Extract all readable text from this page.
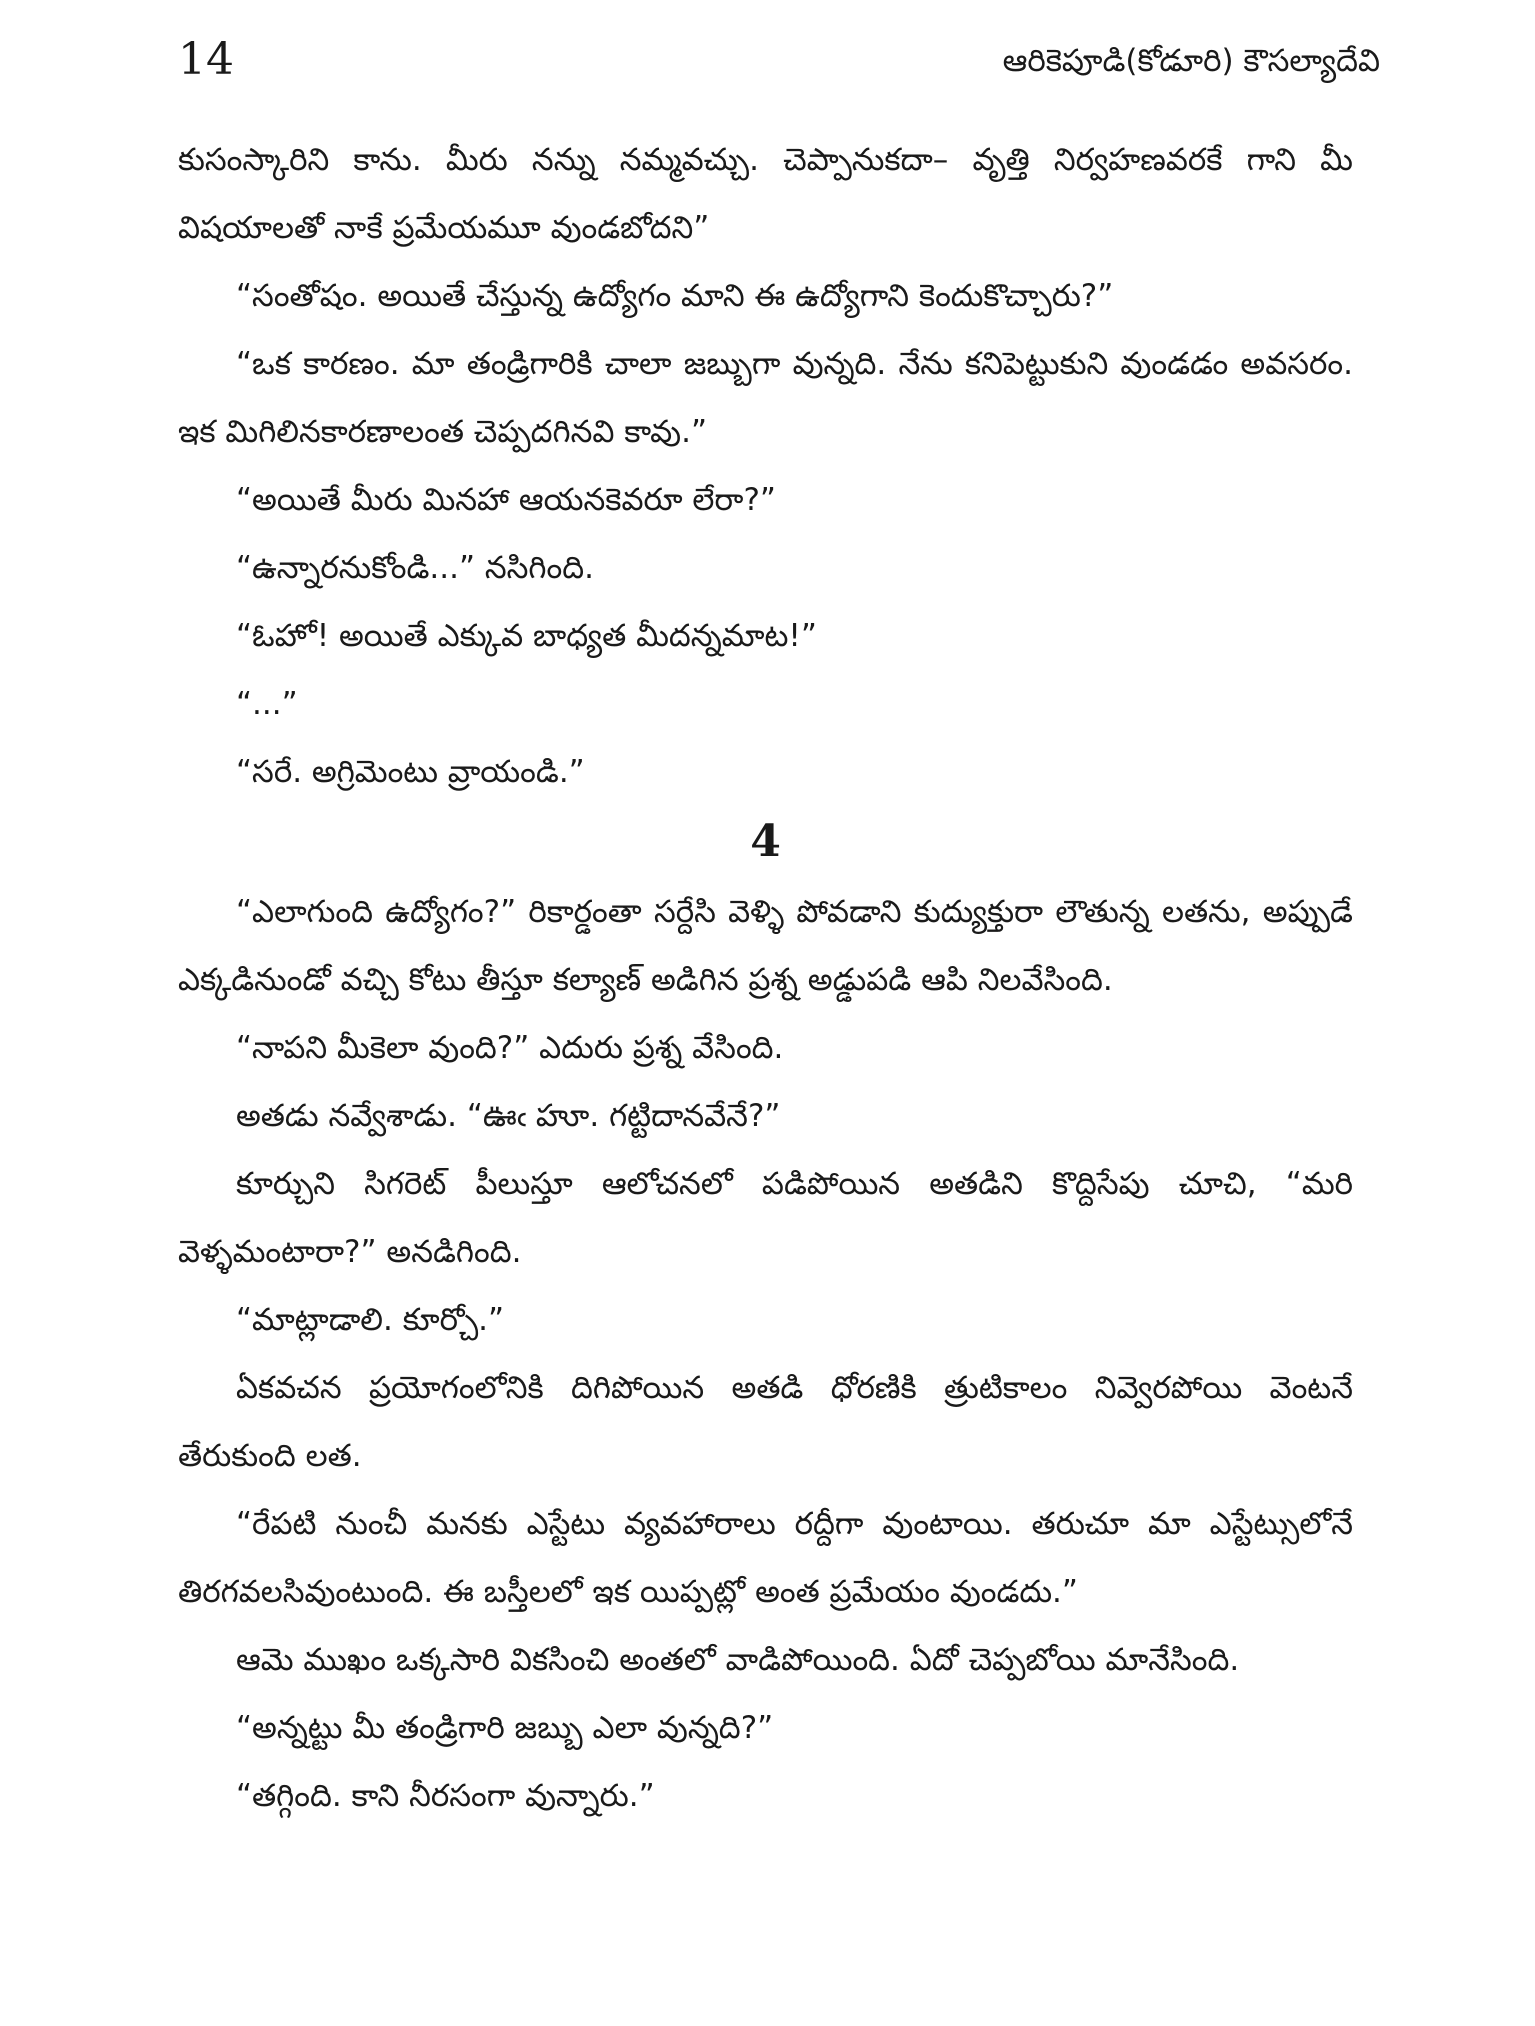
14	ఆరికెపూడి(కోడూరి) కౌసల్యాదేవి

కుసంస్కారిని కాను. మీరు నన్ను నమ్మవచ్చు. చెప్పానుకదా– వృత్తి నిర్వహణవరకే గాని మీ విషయాలతో నాకే ప్రమేయమూ వుండబోదని”

“సంతోషం. అయితే చేస్తున్న ఉద్యోగం మాని ఈ ఉద్యోగాని కెందుకొచ్చారు?”

“ఒక కారణం. మా తండ్రిగారికి చాలా జబ్బుగా వున్నది. నేను కనిపెట్టుకుని వుండడం అవసరం. ఇక మిగిలినకారణాలంత చెప్పదగినవి కావు.”

“అయితే మీరు మినహా ఆయనకెవరూ లేరా?”

“ఉన్నారనుకోండి...” నసిగింది.

“ఓహో! అయితే ఎక్కువ బాధ్యత మీదన్నమాట!”

“...”

“సరే. అగ్రిమెంటు వ్రాయండి.”

4

“ఎలాగుంది ఉద్యోగం?” రికార్డంతా సర్దేసి వెళ్ళి పోవడాని కుద్యుక్తురా లౌతున్న లతను, అప్పుడే ఎక్కడినుండో వచ్చి కోటు తీస్తూ కల్యాణ్ అడిగిన ప్రశ్న అడ్డుపడి ఆపి నిలవేసింది.

“నాపని మీకెలా వుంది?” ఎదురు ప్రశ్న వేసింది.

అతడు నవ్వేశాడు. “ఊఁ హూ. గట్టిదానవేనే?”

కూర్చుని సిగరెట్ పీలుస్తూ ఆలోచనలో పడిపోయిన అతడిని కొద్దిసేపు చూచి, “మరి వెళ్ళమంటారా?” అనడిగింది.

“మాట్లాడాలి. కూర్చో.”

ఏకవచన ప్రయోగంలోనికి దిగిపోయిన అతడి ధోరణికి త్రుటికాలం నివ్వెరపోయి వెంటనే తేరుకుంది లత.

“రేపటి నుంచీ మనకు ఎస్టేటు వ్యవహారాలు రద్దీగా వుంటాయి. తరుచూ మా ఎస్టేట్సులోనే తిరగవలసివుంటుంది. ఈ బస్తీలలో ఇక యిప్పట్లో అంత ప్రమేయం వుండదు.”

ఆమె ముఖం ఒక్కసారి వికసించి అంతలో వాడిపోయింది. ఏదో చెప్పబోయి మానేసింది.

“అన్నట్టు మీ తండ్రిగారి జబ్బు ఎలా వున్నది?”

“తగ్గింది. కాని నీరసంగా వున్నారు.”
